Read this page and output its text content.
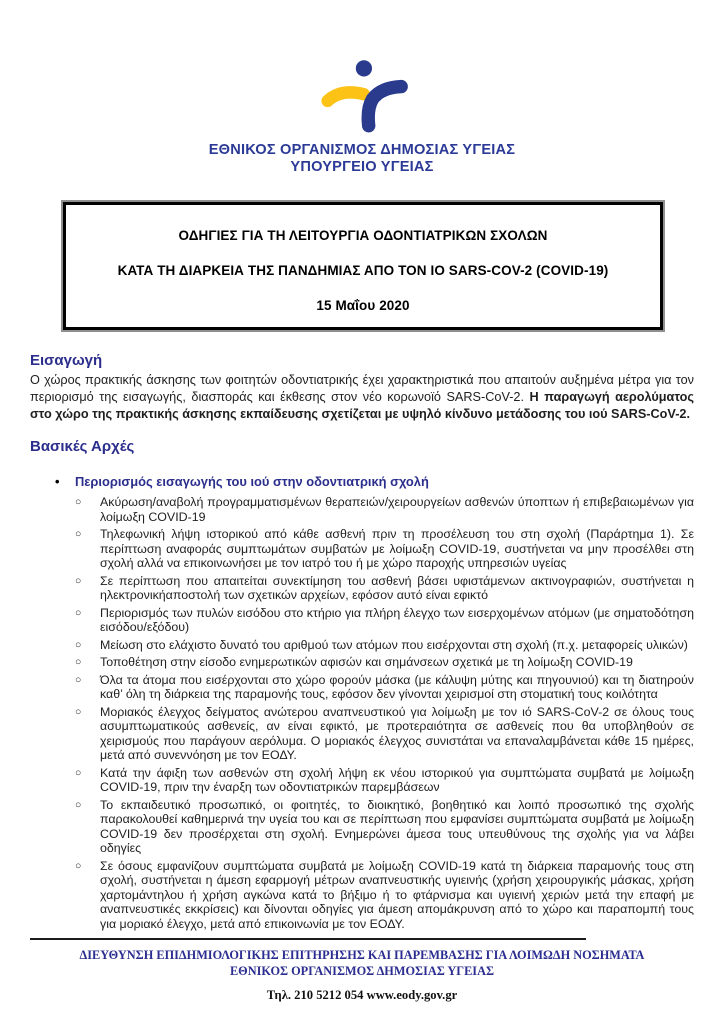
ΕΘΝΙΚΟΣ ΟΡΓΑΝΙΣΜΟΣ ΔΗΜΟΣΙΑΣ ΥΓΕΙΑΣ
ΥΠΟΥΡΓΕΙΟ ΥΓΕΙΑΣ
ΟΔΗΓΙΕΣ ΓΙΑ ΤΗ ΛΕΙΤΟΥΡΓΙΑ ΟΔΟΝΤΙΑΤΡΙΚΩΝ ΣΧΟΛΩΝ
ΚΑΤΑ ΤΗ ΔΙΑΡΚΕΙΑ ΤΗΣ ΠΑΝΔΗΜΙΑΣ ΑΠΟ ΤΟΝ ΙΟ SARS-COV-2 (COVID-19)
15 Μαΐου 2020
Εισαγωγή

Ο χώρος πρακτικής άσκησης των φοιτητών οδοντιατρικής έχει χαρακτηριστικά που απαιτούν αυξημένα μέτρα για τον περιορισμό της εισαγωγής, διασποράς και έκθεσης στον νέο κορωνοϊό SARS-CoV-2. Η παραγωγή αερολύματος στο χώρο της πρακτικής άσκησης εκπαίδευσης σχετίζεται με υψηλό κίνδυνο μετάδοσης του ιού SARS-CoV-2.

Βασικές Αρχές
•	Περιορισμός εισαγωγής του ιού στην οδοντιατρική σχολή
○	Ακύρωση/αναβολή προγραμματισμένων θεραπειών/χειρουργείων ασθενών ύποπτων ή επιβεβαιωμένων για λοίμωξη COVID-19
○	Τηλεφωνική λήψη ιστορικού από κάθε ασθενή πριν τη προσέλευση του στη σχολή (Παράρτημα 1). Σε περίπτωση αναφοράς συμπτωμάτων συμβατών με λοίμωξη COVID-19, συστήνεται να μην προσέλθει στη σχολή αλλά να επικοινωνήσει με τον ιατρό του ή με χώρο παροχής υπηρεσιών υγείας
○	Σε περίπτωση που απαιτείται συνεκτίμηση του ασθενή βάσει υφιστάμενων ακτινογραφιών, συστήνεται η ηλεκτρονικήαποστολή των σχετικών αρχείων, εφόσον αυτό είναι εφικτό
○	Περιορισμός των πυλών εισόδου στο κτήριο για πλήρη έλεγχο των εισερχομένων ατόμων (με σηματοδότηση εισόδου/εξόδου)
○	Μείωση στο ελάχιστο δυνατό του αριθμού των ατόμων που εισέρχονται στη σχολή (π.χ. μεταφορείς υλικών)
○	Τοποθέτηση στην είσοδο ενημερωτικών αφισών και σημάνσεων σχετικά με τη λοίμωξη COVID-19
○	Όλα τα άτομα που εισέρχονται στο χώρο φορούν μάσκα (με κάλυψη μύτης και πηγουνιού) και τη διατηρούν καθ’ όλη τη διάρκεια της παραμονής τους, εφόσον δεν γίνονται χειρισμοί στη στοματική τους κοιλότητα
○	Μοριακός έλεγχος δείγματος ανώτερου αναπνευστικού για λοίμωξη με τον ιό SARS-CoV-2 σε όλους τους ασυμπτωματικούς ασθενείς, αν είναι εφικτό, με προτεραιότητα σε ασθενείς που θα υποβληθούν σε χειρισμούς που παράγουν αερόλυμα. Ο μοριακός έλεγχος συνιστάται να επαναλαμβάνεται κάθε 15 ημέρες, μετά από συνεννόηση με τον ΕΟΔΥ.
○	Κατά την άφιξη των ασθενών στη σχολή λήψη εκ νέου ιστορικού για συμπτώματα συμβατά με λοίμωξη COVID-19, πριν την έναρξη των οδοντιατρικών παρεμβάσεων
○	Το εκπαιδευτικό προσωπικό, οι φοιτητές, το διοικητικό, βοηθητικό και λοιπό προσωπικό της σχολής παρακολουθεί καθημερινά την υγεία του και σε περίπτωση που εμφανίσει συμπτώματα συμβατά με λοίμωξη COVID-19 δεν προσέρχεται στη σχολή. Ενημερώνει άμεσα τους υπευθύνους της σχολής για να λάβει οδηγίες
○	Σε όσους εμφανίζουν συμπτώματα συμβατά με λοίμωξη COVID-19 κατά τη διάρκεια παραμονής τους στη σχολή, συστήνεται η άμεση εφαρμογή μέτρων αναπνευστικής υγιεινής (χρήση χειρουργικής μάσκας, χρήση χαρτομάντηλου ή χρήση αγκώνα κατά το βήξιμο ή το φτάρνισμα και υγιεινή χεριών μετά την επαφή με αναπνευστικές εκκρίσεις) και δίνονται οδηγίες για άμεση απομάκρυνση από το χώρο και παραπομπή τους για μοριακό έλεγχο, μετά από επικοινωνία με τον ΕΟΔΥ.
ΔΙΕΥΘΥΝΣΗ ΕΠΙΔΗΜΙΟΛΟΓΙΚΗΣ ΕΠΙΤΗΡΗΣΗΣ ΚΑΙ ΠΑΡΕΜΒΑΣΗΣ ΓΙΑ ΛΟΙΜΩΔΗ ΝΟΣΗΜΑΤΑ
ΕΘΝΙΚΟΣ ΟΡΓΑΝΙΣΜΟΣ ΔΗΜΟΣΙΑΣ ΥΓΕΙΑΣ
Τηλ. 210 5212 054 www.eody.gov.gr
